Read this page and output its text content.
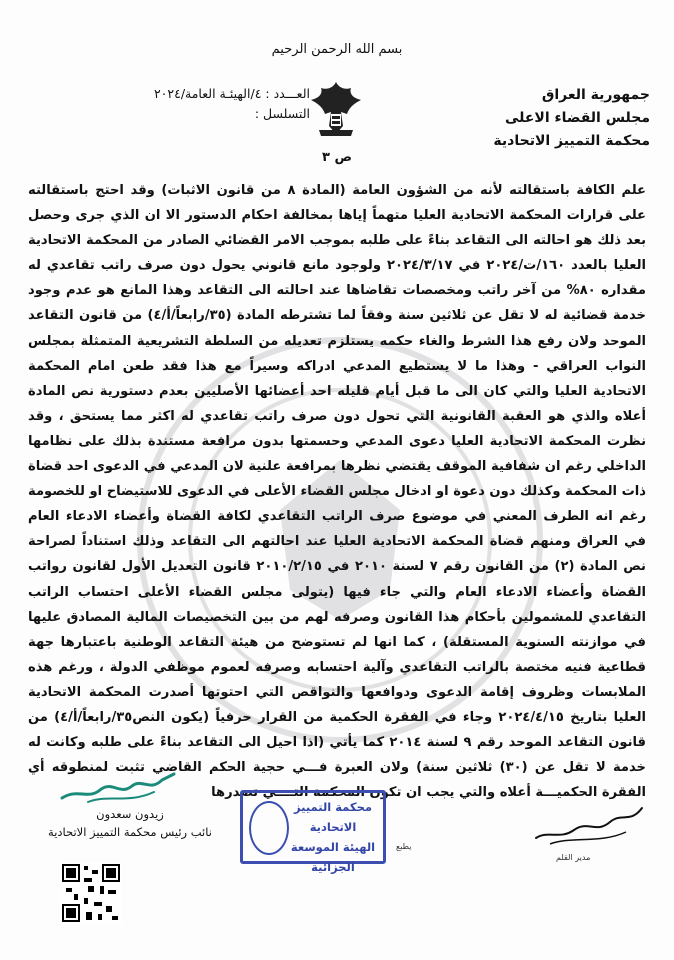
بسم الله الرحمن الرحيم
جمهورية العراق
مجلس القضاء الاعلى
محكمة التمييز الاتحادية
العـــدد : ٤/الهيئـة العامة/٢٠٢٤
التسلسل :
ص ٣
علم الكافة باستقالته لأنه من الشؤون العامة (المادة ٨ من قانون الاثبات) وقد احتج باستقالته على قرارات المحكمة الاتحادية العليا متهماً إياها بمخالفة احكام الدستور الا ان الذي جرى وحصل بعد ذلك هو احالته الى التقاعد بناءً على طلبه بموجب الامر القضائي الصادر من المحكمة الاتحادية العليا بالعدد ١٦٠/ت/٢٠٢٤ في ٢٠٢٤/٣/١٧ ولوجود مانع قانوني يحول دون صرف راتب تقاعدي له مقداره ٨٠% من آخر راتب ومخصصات تقاضاها عند احالته الى التقاعد وهذا المانع هو عدم وجود خدمة قضائية له لا تقل عن ثلاثين سنة وفقاً لما تشترطه المادة (٣٥/رابعاً/أ/٤) من قانون التقاعد الموحد ولان رفع هذا الشرط والغاء حكمه يستلزم تعديله من السلطة التشريعية المتمثلة بمجلس النواب العراقي - وهذا ما لا يستطيع المدعي ادراكه وسيراً مع هذا فقد طعن امام المحكمة الاتحادية العليا والتي كان الى ما قبل أيام قليله احد أعضائها الأصليين بعدم دستورية نص المادة أعلاه والذي هو العقبة القانونية التي تحول دون صرف راتب تقاعدي له اكثر مما يستحق ، وقد نظرت المحكمة الاتحادية العليا دعوى المدعي وحسمتها بدون مرافعة مستندة بذلك على نظامها الداخلي رغم ان شفافية الموقف يقتضي نظرها بمرافعة علنية لان المدعي في الدعوى احد قضاة ذات المحكمة وكذلك دون دعوة او ادخال مجلس القضاء الأعلى في الدعوى للاستيضاح او للخصومة رغم انه الطرف المعني في موضوع صرف الراتب التقاعدي لكافة القضاة وأعضاء الادعاء العام في العراق ومنهم قضاة المحكمة الاتحادية العليا عند احالتهم الى التقاعد وذلك استناداً لصراحة نص المادة (٢) من القانون رقم ٧ لسنة ٢٠١٠ في ٢٠١٠/٢/١٥ قانون التعديل الأول لقانون رواتب القضاة وأعضاء الادعاء العام والتي جاء فيها (يتولى مجلس القضاء الأعلى احتساب الراتب التقاعدي للمشمولين بأحكام هذا القانون وصرفه لهم من بين التخصيصات المالية المصادق عليها في موازنته السنوية المستقلة) ، كما انها لم تستوضح من هيئة التقاعد الوطنية باعتبارها جهة قطاعية فنيه مختصة بالراتب التقاعدي وآلية احتسابه وصرفه لعموم موظفي الدولة ، ورغم هذه الملابسات وظروف إقامة الدعوى ودوافعها والنواقص التي احتوتها أصدرت المحكمة الاتحادية العليا بتاريخ ٢٠٢٤/٤/١٥ وجاء في الفقرة الحكمية من القرار حرفياً (يكون النص٣٥/رابعاً/أ/٤) من قانون التقاعد الموحد رقم ٩ لسنة ٢٠١٤ كما يأتي (اذا احيل الى التقاعد بناءً على طلبه وكانت له خدمة لا تقل عن (٣٠) ثلاثين سنة) ولان العبرة فـــي حجية الحكم القاضي تثبت لمنطوقه أي الفقرة الحكميـــة أعلاه والتي يجب ان تكون المحكمة التــــي تصدرها
زيدون سعدون
نائب رئيس محكمة التمييز الاتحادية
محكمة التمييز الاتحادية
الهيئة الموسعة
الجزائية
يطبع
مدير القلم
